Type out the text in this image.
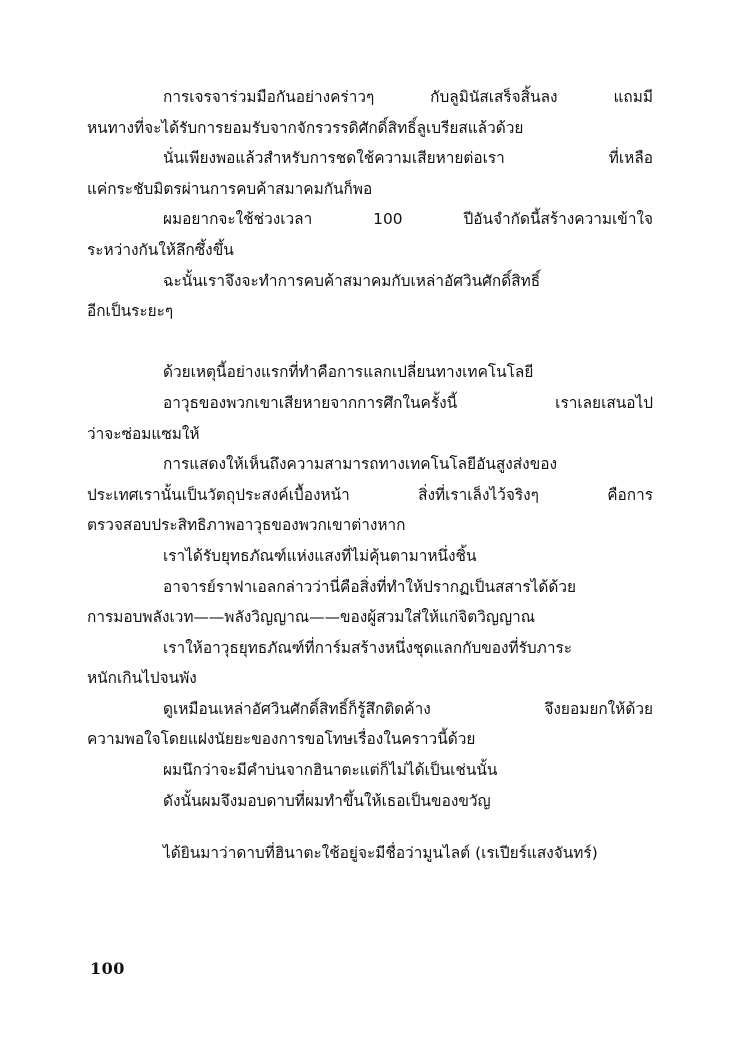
การเจรจาร่วมมือกันอย่างคร่าวๆ กับลูมินัสเสร็จสิ้นลง แถมมี
หนทางที่จะได้รับการยอมรับจากจักรวรรดิศักดิ์สิทธิ์ลูเบรียสแล้วด้วย
นั่นเพียงพอแล้วสำหรับการชดใช้ความเสียหายต่อเรา ที่เหลือ
แค่กระชับมิตรผ่านการคบค้าสมาคมกันก็พอ
ผมอยากจะใช้ช่วงเวลา 100 ปีอันจำกัดนี้สร้างความเข้าใจ
ระหว่างกันให้ลึกซึ้งขึ้น
ฉะนั้นเราจึงจะทำการคบค้าสมาคมกับเหล่าอัศวินศักดิ์สิทธิ์
อีกเป็นระยะๆ
ด้วยเหตุนี้อย่างแรกที่ทำคือการแลกเปลี่ยนทางเทคโนโลยี
อาวุธของพวกเขาเสียหายจากการศึกในครั้งนี้ เราเลยเสนอไป
ว่าจะซ่อมแซมให้
การแสดงให้เห็นถึงความสามารถทางเทคโนโลยีอันสูงส่งของ
ประเทศเรานั้นเป็นวัตถุประสงค์เบื้องหน้า สิ่งที่เราเล็งไว้จริงๆ คือการ
ตรวจสอบประสิทธิภาพอาวุธของพวกเขาต่างหาก
เราได้รับยุทธภัณฑ์แห่งแสงที่ไม่คุ้นตามาหนึ่งชิ้น
อาจารย์ราฟาเอลกล่าวว่านี่คือสิ่งที่ทำให้ปรากฏเป็นสสารได้ด้วย
การมอบพลังเวท——พลังวิญญาณ——ของผู้สวมใส่ให้แก่จิตวิญญาณ
เราให้อาวุธยุทธภัณฑ์ที่การ์มสร้างหนึ่งชุดแลกกับของที่รับภาระ
หนักเกินไปจนพัง
ดูเหมือนเหล่าอัศวินศักดิ์สิทธิ์ก็รู้สึกติดค้าง จึงยอมยกให้ด้วย
ความพอใจโดยแฝงนัยยะของการขอโทษเรื่องในคราวนี้ด้วย
ผมนึกว่าจะมีคำบ่นจากฮินาตะแต่ก็ไม่ได้เป็นเช่นนั้น
ดังนั้นผมจึงมอบดาบที่ผมทำขึ้นให้เธอเป็นของขวัญ
ได้ยินมาว่าดาบที่ฮินาตะใช้อยู่จะมีชื่อว่ามูนไลต์ (เรเปียร์แสงจันทร์)
100
